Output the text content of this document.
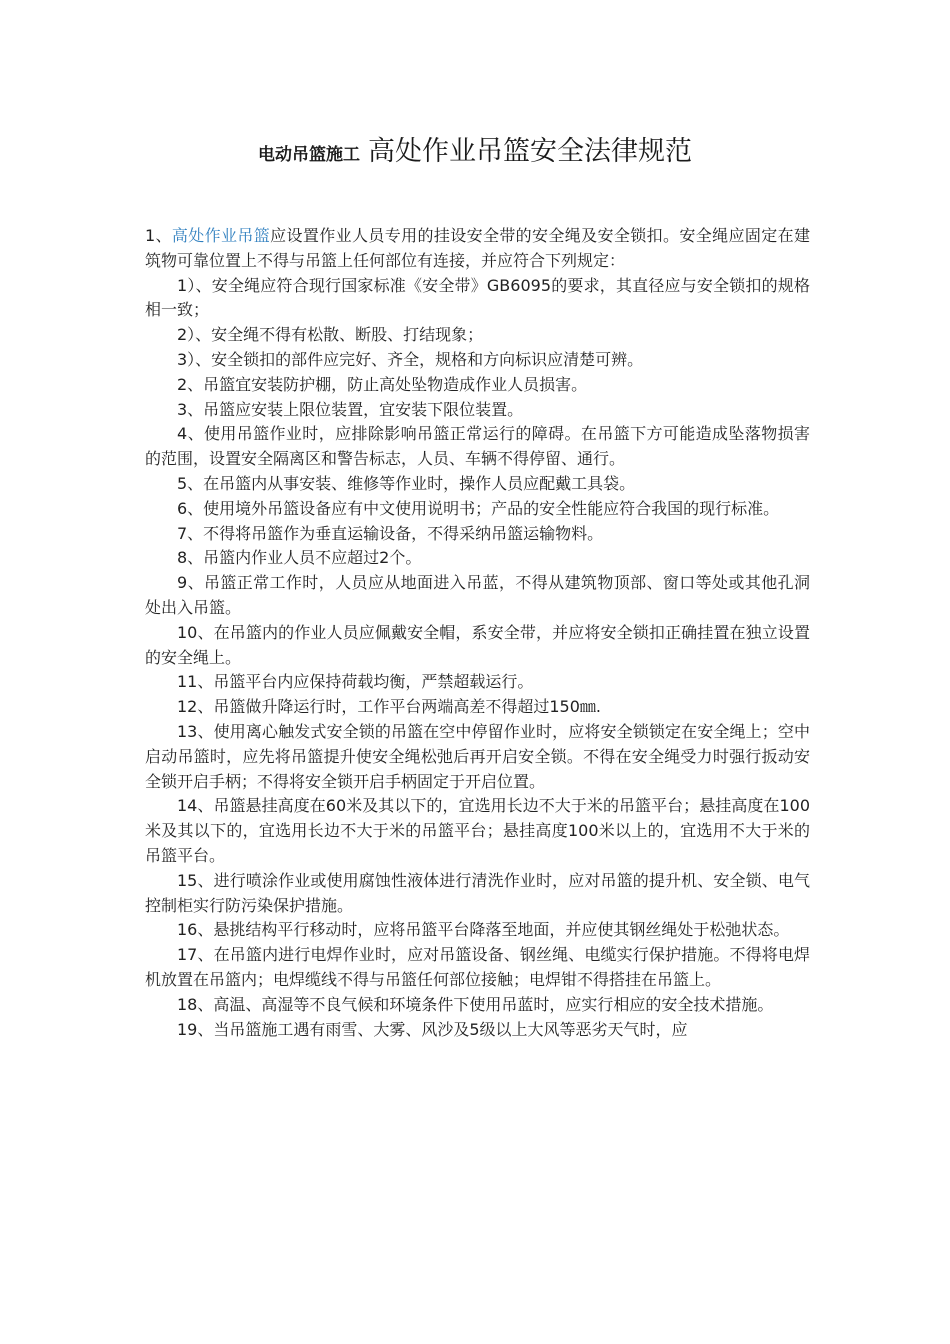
电动吊篮施工 高处作业吊篮安全法律规范

1、高处作业吊篮应设置作业人员专用的挂设安全带的安全绳及安全锁扣。安全绳应固定在建筑物可靠位置上不得与吊篮上任何部位有连接，并应符合下列规定：

1）、安全绳应符合现行国家标准《安全带》GB6095的要求，其直径应与安全锁扣的规格相一致；

2）、安全绳不得有松散、断股、打结现象；

3）、安全锁扣的部件应完好、齐全，规格和方向标识应清楚可辨。

2、吊篮宜安装防护棚，防止高处坠物造成作业人员损害。

3、吊篮应安装上限位装置，宜安装下限位装置。

4、使用吊篮作业时，应排除影响吊篮正常运行的障碍。在吊篮下方可能造成坠落物损害的范围，设置安全隔离区和警告标志，人员、车辆不得停留、通行。

5、在吊篮内从事安装、维修等作业时，操作人员应配戴工具袋。

6、使用境外吊篮设备应有中文使用说明书；产品的安全性能应符合我国的现行标准。

7、不得将吊篮作为垂直运输设备，不得采纳吊篮运输物料。

8、吊篮内作业人员不应超过2个。

9、吊篮正常工作时，人员应从地面进入吊蓝，不得从建筑物顶部、窗口等处或其他孔洞处出入吊篮。

10、在吊篮内的作业人员应佩戴安全帽，系安全带，并应将安全锁扣正确挂置在独立设置的安全绳上。

11、吊篮平台内应保持荷载均衡，严禁超载运行。

12、吊篮做升降运行时，工作平台两端高差不得超过150㎜.

13、使用离心触发式安全锁的吊篮在空中停留作业时，应将安全锁锁定在安全绳上；空中启动吊篮时，应先将吊篮提升使安全绳松弛后再开启安全锁。不得在安全绳受力时强行扳动安全锁开启手柄；不得将安全锁开启手柄固定于开启位置。

14、吊篮悬挂高度在60米及其以下的，宜选用长边不大于米的吊篮平台；悬挂高度在100米及其以下的，宜选用长边不大于米的吊篮平台；悬挂高度100米以上的，宜选用不大于米的吊篮平台。

15、进行喷涂作业或使用腐蚀性液体进行清洗作业时，应对吊篮的提升机、安全锁、电气控制柜实行防污染保护措施。

16、悬挑结构平行移动时，应将吊篮平台降落至地面，并应使其钢丝绳处于松弛状态。

17、在吊篮内进行电焊作业时，应对吊篮设备、钢丝绳、电缆实行保护措施。不得将电焊机放置在吊篮内；电焊缆线不得与吊篮任何部位接触；电焊钳不得搭挂在吊篮上。

18、高温、高湿等不良气候和环境条件下使用吊蓝时，应实行相应的安全技术措施。

19、当吊篮施工遇有雨雪、大雾、风沙及5级以上大风等恶劣天气时，应
